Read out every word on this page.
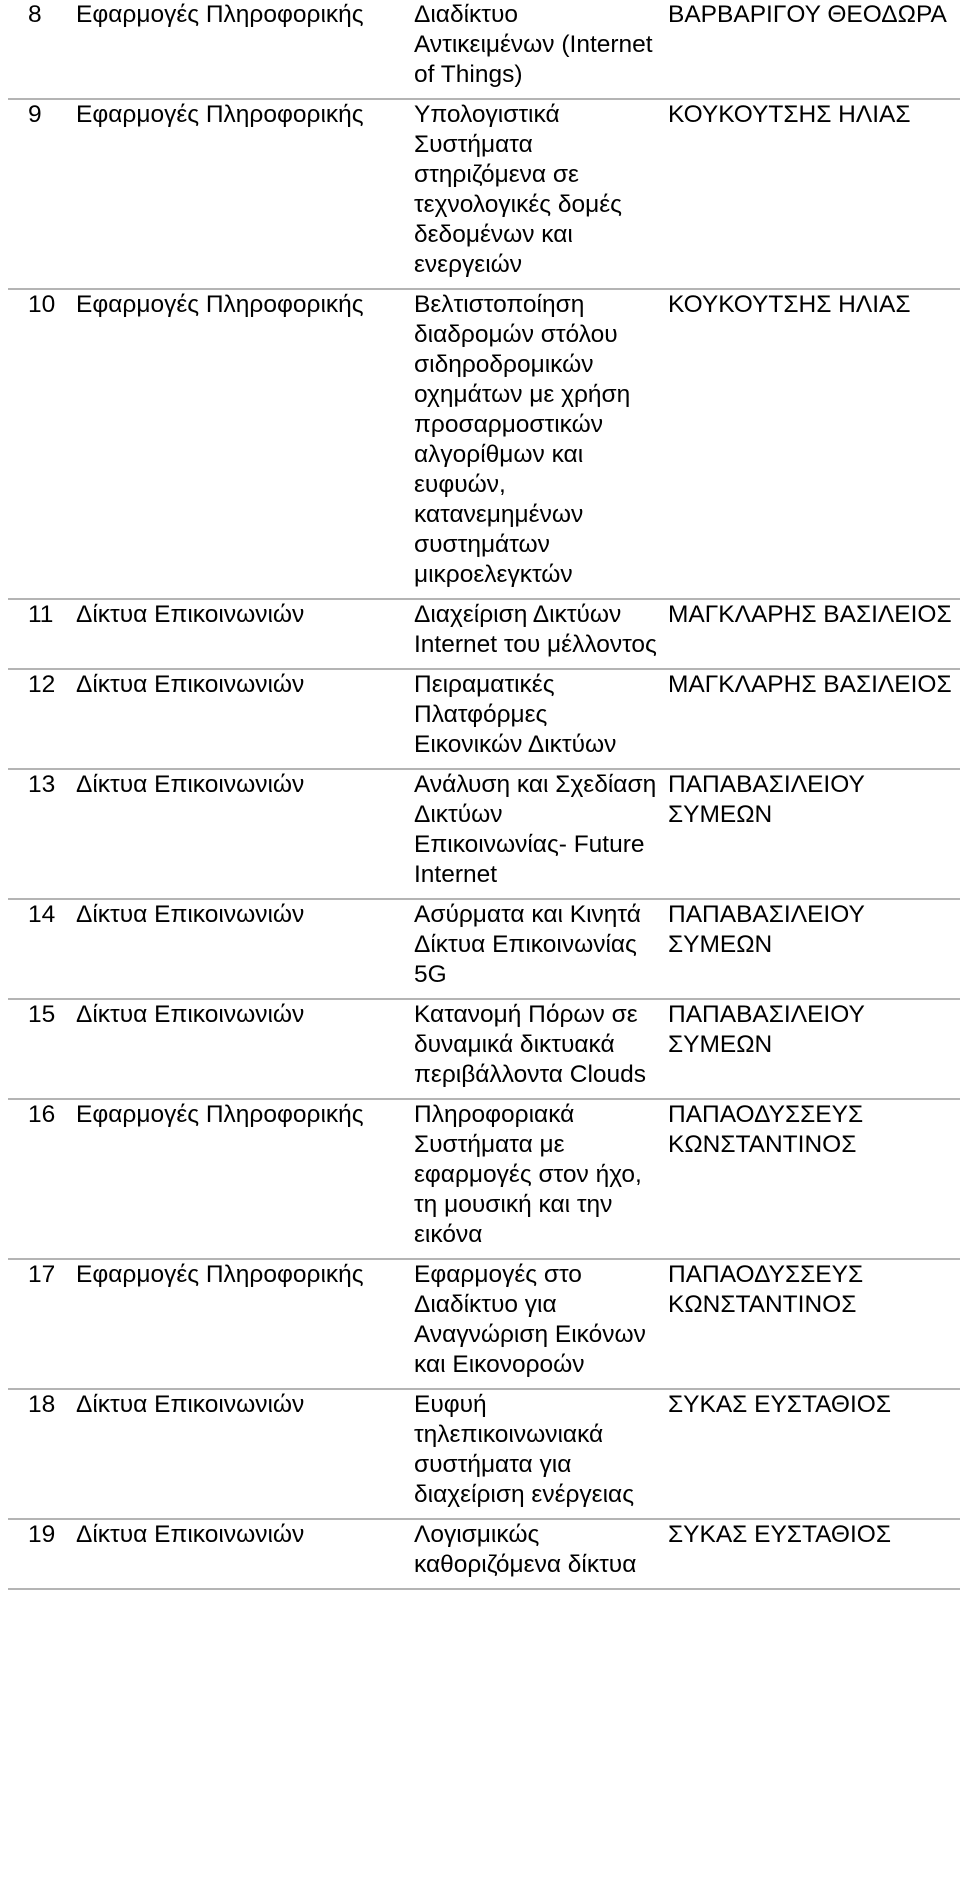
8	Εφαρμογές Πληροφορικής	Διαδίκτυο Αντικειμένων (Internet of Things)	ΒΑΡΒΑΡΙΓΟΥ ΘΕΟΔΩΡΑ

9	Εφαρμογές Πληροφορικής	Υπολογιστικά Συστήματα στηριζόμενα σε τεχνολογικές δομές δεδομένων και ενεργειών	ΚΟΥΚΟΥΤΣΗΣ ΗΛΙΑΣ

10	Εφαρμογές Πληροφορικής	Βελτιστοποίηση διαδρομών στόλου σιδηροδρομικών οχημάτων με χρήση προσαρμοστικών αλγορίθμων και ευφυών, κατανεμημένων συστημάτων μικροελεγκτών	ΚΟΥΚΟΥΤΣΗΣ ΗΛΙΑΣ

11	Δίκτυα Επικοινωνιών	Διαχείριση Δικτύων Internet του μέλλοντος	ΜΑΓΚΛΑΡΗΣ ΒΑΣΙΛΕΙΟΣ

12	Δίκτυα Επικοινωνιών	Πειραματικές Πλατφόρμες Εικονικών Δικτύων	ΜΑΓΚΛΑΡΗΣ ΒΑΣΙΛΕΙΟΣ

13	Δίκτυα Επικοινωνιών	Ανάλυση και Σχεδίαση Δικτύων Επικοινωνίας- Future Internet	ΠΑΠΑΒΑΣΙΛΕΙΟΥ ΣΥΜΕΩΝ

14	Δίκτυα Επικοινωνιών	Ασύρματα και Κινητά Δίκτυα Επικοινωνίας 5G	ΠΑΠΑΒΑΣΙΛΕΙΟΥ ΣΥΜΕΩΝ

15	Δίκτυα Επικοινωνιών	Κατανομή Πόρων σε δυναμικά δικτυακά περιβάλλοντα Clouds	ΠΑΠΑΒΑΣΙΛΕΙΟΥ ΣΥΜΕΩΝ

16	Εφαρμογές Πληροφορικής	Πληροφοριακά Συστήματα με εφαρμογές στον ήχο, τη μουσική και την εικόνα	ΠΑΠΑΟΔΥΣΣΕΥΣ ΚΩΝΣΤΑΝΤΙΝΟΣ

17	Εφαρμογές Πληροφορικής	Εφαρμογές στο Διαδίκτυο για Αναγνώριση Εικόνων και Εικονορoών	ΠΑΠΑΟΔΥΣΣΕΥΣ ΚΩΝΣΤΑΝΤΙΝΟΣ

18	Δίκτυα Επικοινωνιών	Ευφυή τηλεπικοινωνιακά συστήματα για διαχείριση ενέργειας	ΣΥΚΑΣ ΕΥΣΤΑΘΙΟΣ

19	Δίκτυα Επικοινωνιών	Λογισμικώς καθοριζόμενα δίκτυα	ΣΥΚΑΣ ΕΥΣΤΑΘΙΟΣ
